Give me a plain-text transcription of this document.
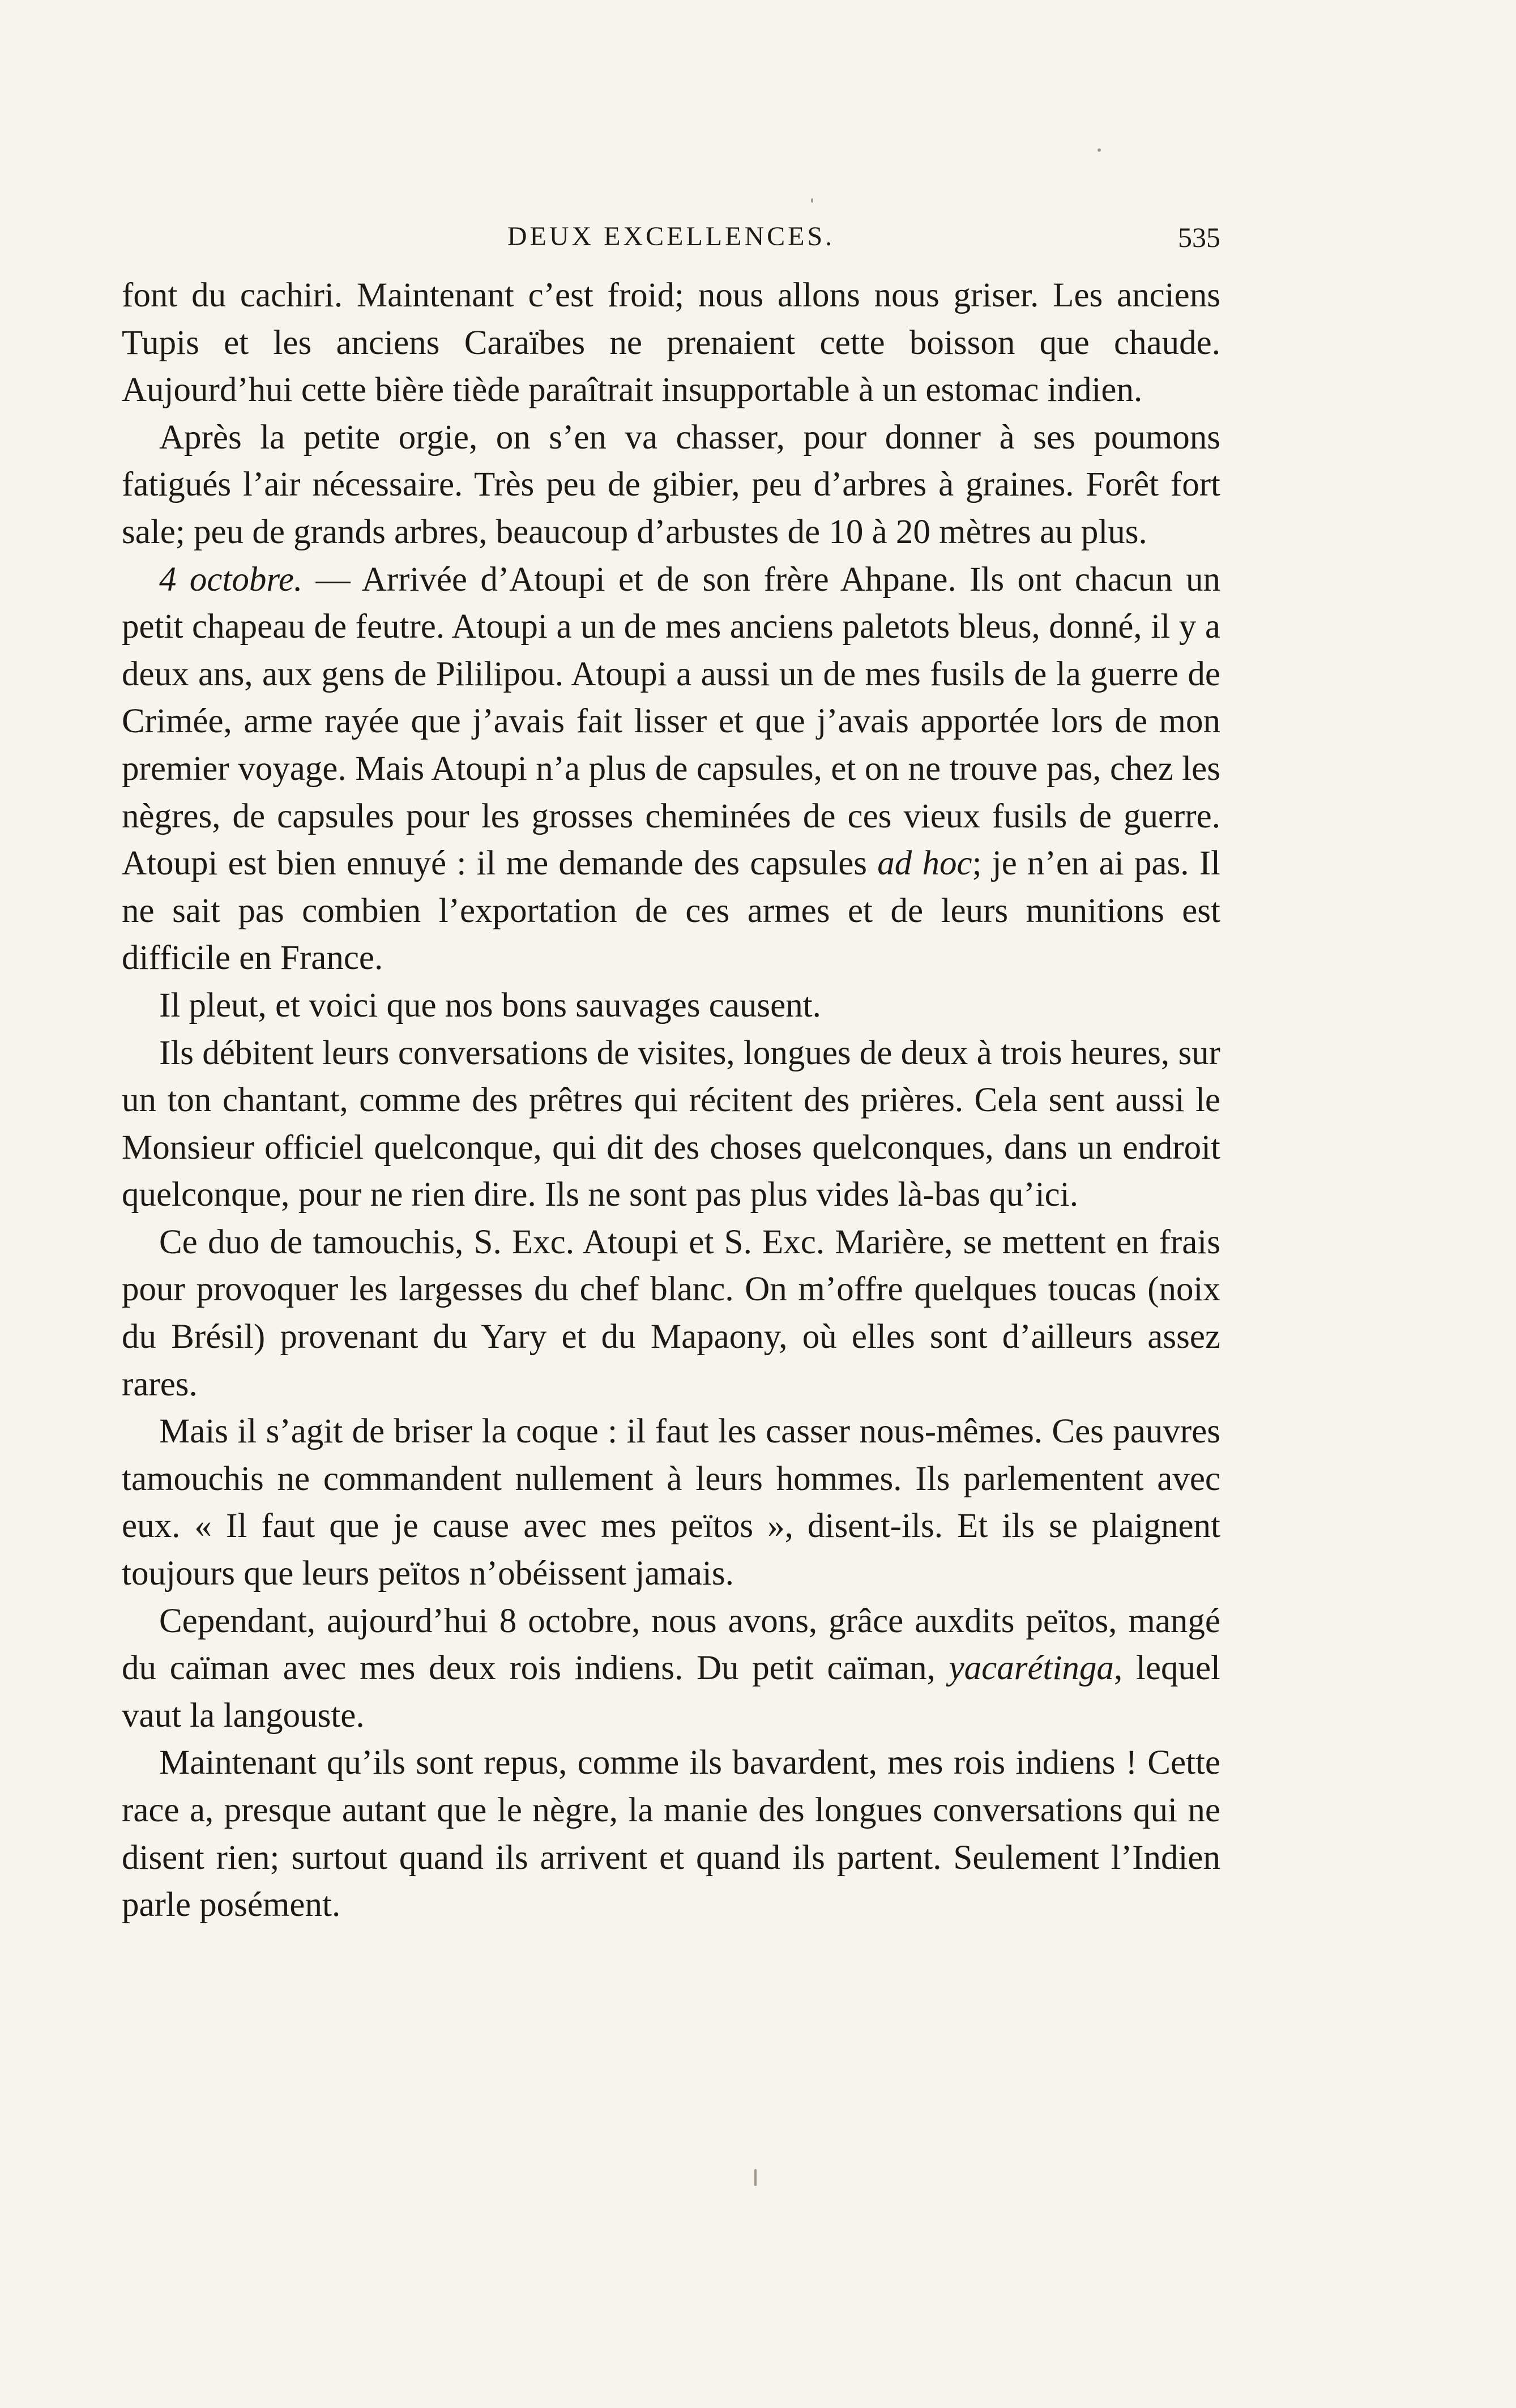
DEUX EXCELLENCES.	535

font du cachiri. Maintenant c’est froid; nous allons nous griser. Les anciens Tupis et les anciens Caraïbes ne prenaient cette boisson que chaude. Aujourd’hui cette bière tiède paraîtrait insupportable à un estomac indien.

Après la petite orgie, on s’en va chasser, pour donner à ses poumons fatigués l’air nécessaire. Très peu de gibier, peu d’arbres à graines. Forêt fort sale; peu de grands arbres, beaucoup d’arbustes de 10 à 20 mètres au plus.

4 octobre. — Arrivée d’Atoupi et de son frère Ahpane. Ils ont chacun un petit chapeau de feutre. Atoupi a un de mes anciens paletots bleus, donné, il y a deux ans, aux gens de Pililipou. Atoupi a aussi un de mes fusils de la guerre de Crimée, arme rayée que j’avais fait lisser et que j’avais apportée lors de mon premier voyage. Mais Atoupi n’a plus de capsules, et on ne trouve pas, chez les nègres, de capsules pour les grosses cheminées de ces vieux fusils de guerre. Atoupi est bien ennuyé : il me demande des capsules ad hoc; je n’en ai pas. Il ne sait pas combien l’exportation de ces armes et de leurs munitions est difficile en France.

Il pleut, et voici que nos bons sauvages causent.

Ils débitent leurs conversations de visites, longues de deux à trois heures, sur un ton chantant, comme des prêtres qui récitent des prières. Cela sent aussi le Monsieur officiel quelconque, qui dit des choses quelconques, dans un endroit quelconque, pour ne rien dire. Ils ne sont pas plus vides là-bas qu’ici.

Ce duo de tamouchis, S. Exc. Atoupi et S. Exc. Marière, se mettent en frais pour provoquer les largesses du chef blanc. On m’offre quelques toucas (noix du Brésil) provenant du Yary et du Mapaony, où elles sont d’ailleurs assez rares.

Mais il s’agit de briser la coque : il faut les casser nous-mêmes. Ces pauvres tamouchis ne commandent nullement à leurs hommes. Ils parlementent avec eux. « Il faut que je cause avec mes peïtos », disent-ils. Et ils se plaignent toujours que leurs peïtos n’obéissent jamais.

Cependant, aujourd’hui 8 octobre, nous avons, grâce auxdits peïtos, mangé du caïman avec mes deux rois indiens. Du petit caïman, yacarétinga, lequel vaut la langouste.

Maintenant qu’ils sont repus, comme ils bavardent, mes rois indiens ! Cette race a, presque autant que le nègre, la manie des longues conversations qui ne disent rien; surtout quand ils arrivent et quand ils partent. Seulement l’Indien parle posément.
